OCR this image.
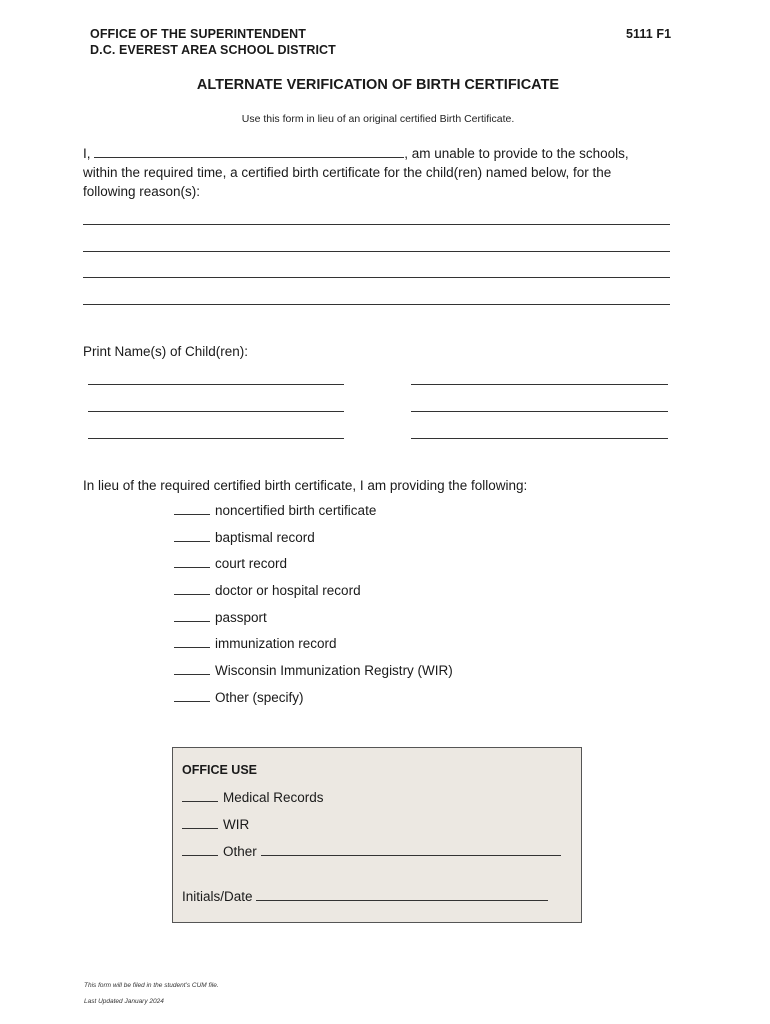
OFFICE OF THE SUPERINTENDENT
D.C. EVEREST AREA SCHOOL DISTRICT
5111 F1
ALTERNATE VERIFICATION OF BIRTH CERTIFICATE
Use this form in lieu of an original certified Birth Certificate.
I,	, am unable to provide to the schools,
within the required time, a certified birth certificate for the child(ren) named below, for the
following reason(s):
Print Name(s) of Child(ren):
In lieu of the required certified birth certificate, I am providing the following:
noncertified birth certificate
baptismal record
court record
doctor or hospital record
passport
immunization record
Wisconsin Immunization Registry (WIR)
Other (specify)
OFFICE USE
Medical Records
WIR
Other
Initials/Date
This form will be filed in the student’s CUM file.
Last Updated January 2024
